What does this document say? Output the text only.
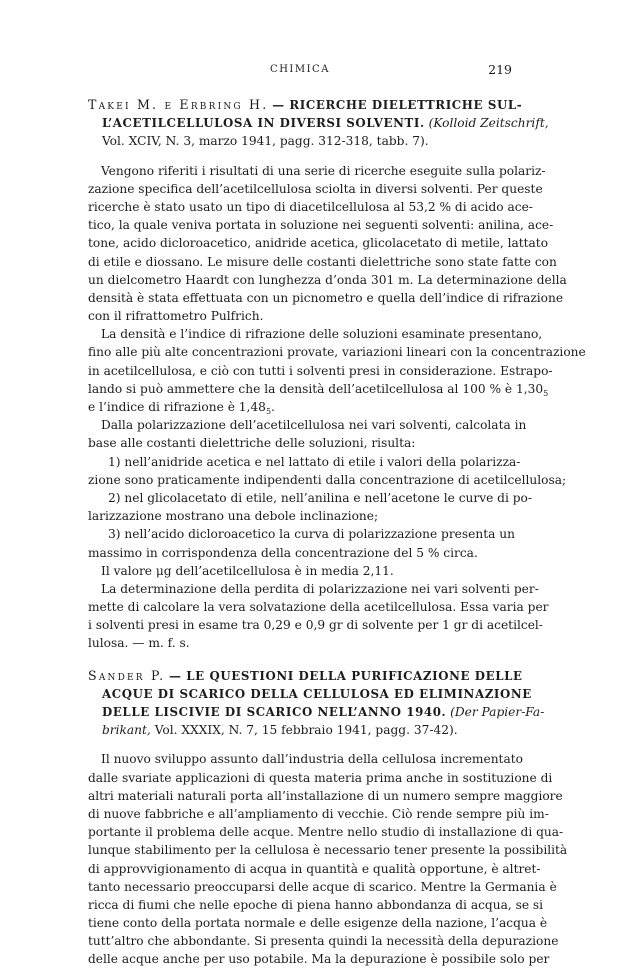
CHIMICA	219
Takei M. e Erbring H. — RICERCHE DIELETTRICHE SUL-
L’ACETILCELLULOSA IN DIVERSI SOLVENTI. (Kolloid Zeitschrift,
Vol. XCIV, N. 3, marzo 1941, pagg. 312-318, tabb. 7).
Vengono riferiti i risultati di una serie di ricerche eseguite sulla polariz-
zazione specifica dell’acetilcellulosa sciolta in diversi solventi. Per queste
ricerche è stato usato un tipo di diacetilcellulosa al 53,2 % di acido ace-
tico, la quale veniva portata in soluzione nei seguenti solventi: anilina, ace-
tone, acido dicloroacetico, anidride acetica, glicolacetato di metile, lattato
di etile e diossano. Le misure delle costanti dielettriche sono state fatte con
un dielcometro Haardt con lunghezza d’onda 301 m. La determinazione della
densità è stata effettuata con un picnometro e quella dell’indice di rifrazione
con il rifrattometro Pulfrich.
La densità e l’indice di rifrazione delle soluzioni esaminate presentano,
fino alle più alte concentrazioni provate, variazioni lineari con la concentrazione
in acetilcellulosa, e ciò con tutti i solventi presi in considerazione. Estrapo-
lando si può ammettere che la densità dell’acetilcellulosa al 100 % è $1,30_5$
e l’indice di rifrazione è $1,48_5$.
Dalla polarizzazione dell’acetilcellulosa nei vari solventi, calcolata in
base alle costanti dielettriche delle soluzioni, risulta:
1) nell’anidride acetica e nel lattato di etile i valori della polarizza-
zione sono praticamente indipendenti dalla concentrazione di acetilcellulosa;
2) nel glicolacetato di etile, nell’anilina e nell’acetone le curve di po-
larizzazione mostrano una debole inclinazione;
3) nell’acido dicloroacetico la curva di polarizzazione presenta un
massimo in corrispondenza della concentrazione del 5 % circa.
Il valore μg dell’acetilcellulosa è in media 2,11.
La determinazione della perdita di polarizzazione nei vari solventi per-
mette di calcolare la vera solvatazione della acetilcellulosa. Essa varia per
i solventi presi in esame tra 0,29 e 0,9 gr di solvente per 1 gr di acetilcel-
lulosa. — m. f. s.
Sander P. — LE QUESTIONI DELLA PURIFICAZIONE DELLE
ACQUE DI SCARICO DELLA CELLULOSA ED ELIMINAZIONE
DELLE LISCIVIE DI SCARICO NELL’ANNO 1940. (Der Papier-Fa-
brikant, Vol. XXXIX, N. 7, 15 febbraio 1941, pagg. 37-42).
Il nuovo sviluppo assunto dall’industria della cellulosa incrementato
dalle svariate applicazioni di questa materia prima anche in sostituzione di
altri materiali naturali porta all’installazione di un numero sempre maggiore
di nuove fabbriche e all’ampliamento di vecchie. Ciò rende sempre più im-
portante il problema delle acque. Mentre nello studio di installazione di qua-
lunque stabilimento per la cellulosa è necessario tener presente la possibilità
di approvvigionamento di acqua in quantità e qualità opportune, è altret-
tanto necessario preoccuparsi delle acque di scarico. Mentre la Germania è
ricca di fiumi che nelle epoche di piena hanno abbondanza di acqua, se si
tiene conto della portata normale e delle esigenze della nazione, l’acqua è
tutt’altro che abbondante. Si presenta quindi la necessità della depurazione
delle acque anche per uso potabile. Ma la depurazione è possibile solo per
